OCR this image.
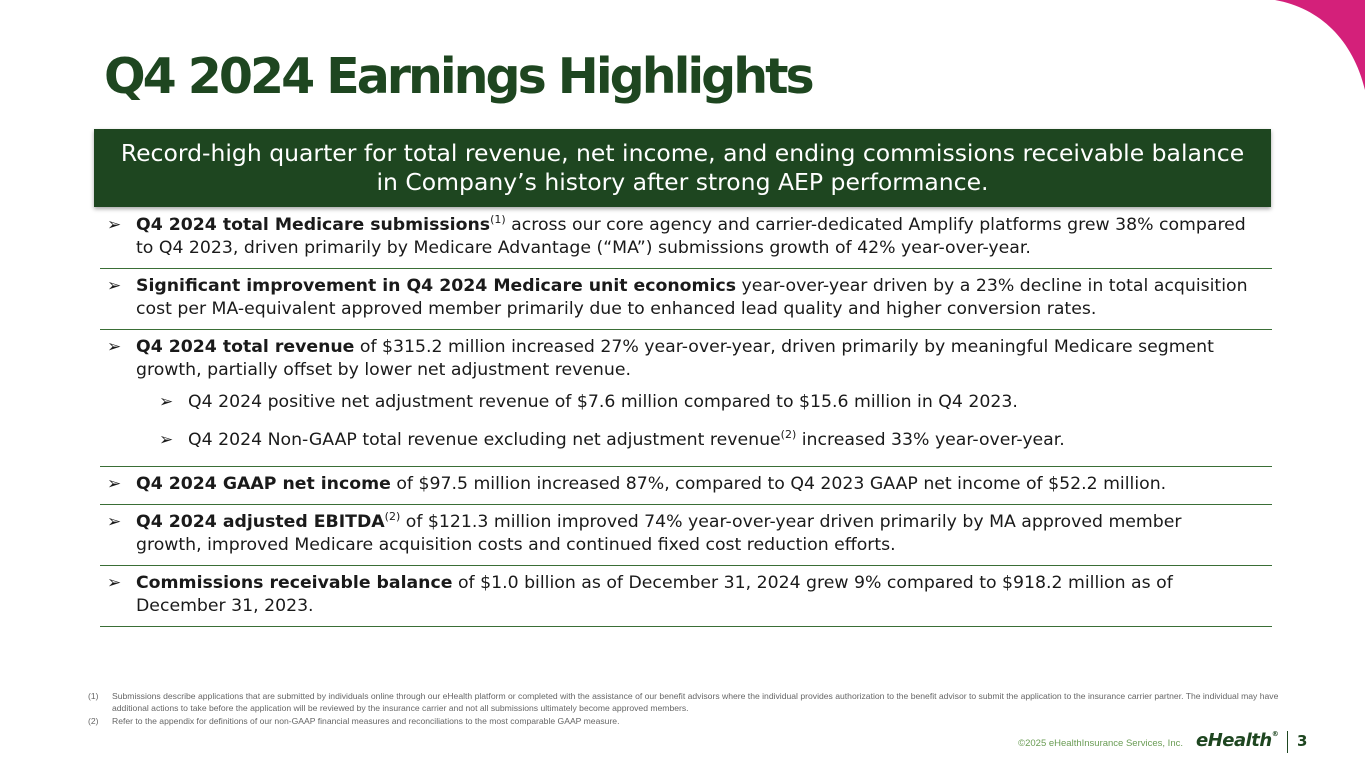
Q4 2024 Earnings Highlights
Record-high quarter for total revenue, net income, and ending commissions receivable balance in Company’s history after strong AEP performance.
➢ Q4 2024 total Medicare submissions$^{(1)}$ across our core agency and carrier-dedicated Amplify platforms grew 38% compared to Q4 2023, driven primarily by Medicare Advantage (“MA”) submissions growth of 42% year-over-year.
➢ Significant improvement in Q4 2024 Medicare unit economics year-over-year driven by a 23% decline in total acquisition cost per MA-equivalent approved member primarily due to enhanced lead quality and higher conversion rates.
➢ Q4 2024 total revenue of $315.2 million increased 27% year-over-year, driven primarily by meaningful Medicare segment growth, partially offset by lower net adjustment revenue.
➢ Q4 2024 positive net adjustment revenue of $7.6 million compared to $15.6 million in Q4 2023.
➢ Q4 2024 Non-GAAP total revenue excluding net adjustment revenue$^{(2)}$ increased 33% year-over-year.
➢ Q4 2024 GAAP net income of $97.5 million increased 87%, compared to Q4 2023 GAAP net income of $52.2 million.
➢ Q4 2024 adjusted EBITDA$^{(2)}$ of $121.3 million improved 74% year-over-year driven primarily by MA approved member growth, improved Medicare acquisition costs and continued fixed cost reduction efforts.
➢ Commissions receivable balance of $1.0 billion as of December 31, 2024 grew 9% compared to $918.2 million as of December 31, 2023.
(1)	Submissions describe applications that are submitted by individuals online through our eHealth platform or completed with the assistance of our benefit advisors where the individual provides authorization to the benefit advisor to submit the application to the insurance carrier partner. The individual may have additional actions to take before the application will be reviewed by the insurance carrier and not all submissions ultimately become approved members.
(2)	Refer to the appendix for definitions of our non-GAAP financial measures and reconciliations to the most comparable GAAP measure.
©2025 eHealthInsurance Services, Inc. eHealth® 3
